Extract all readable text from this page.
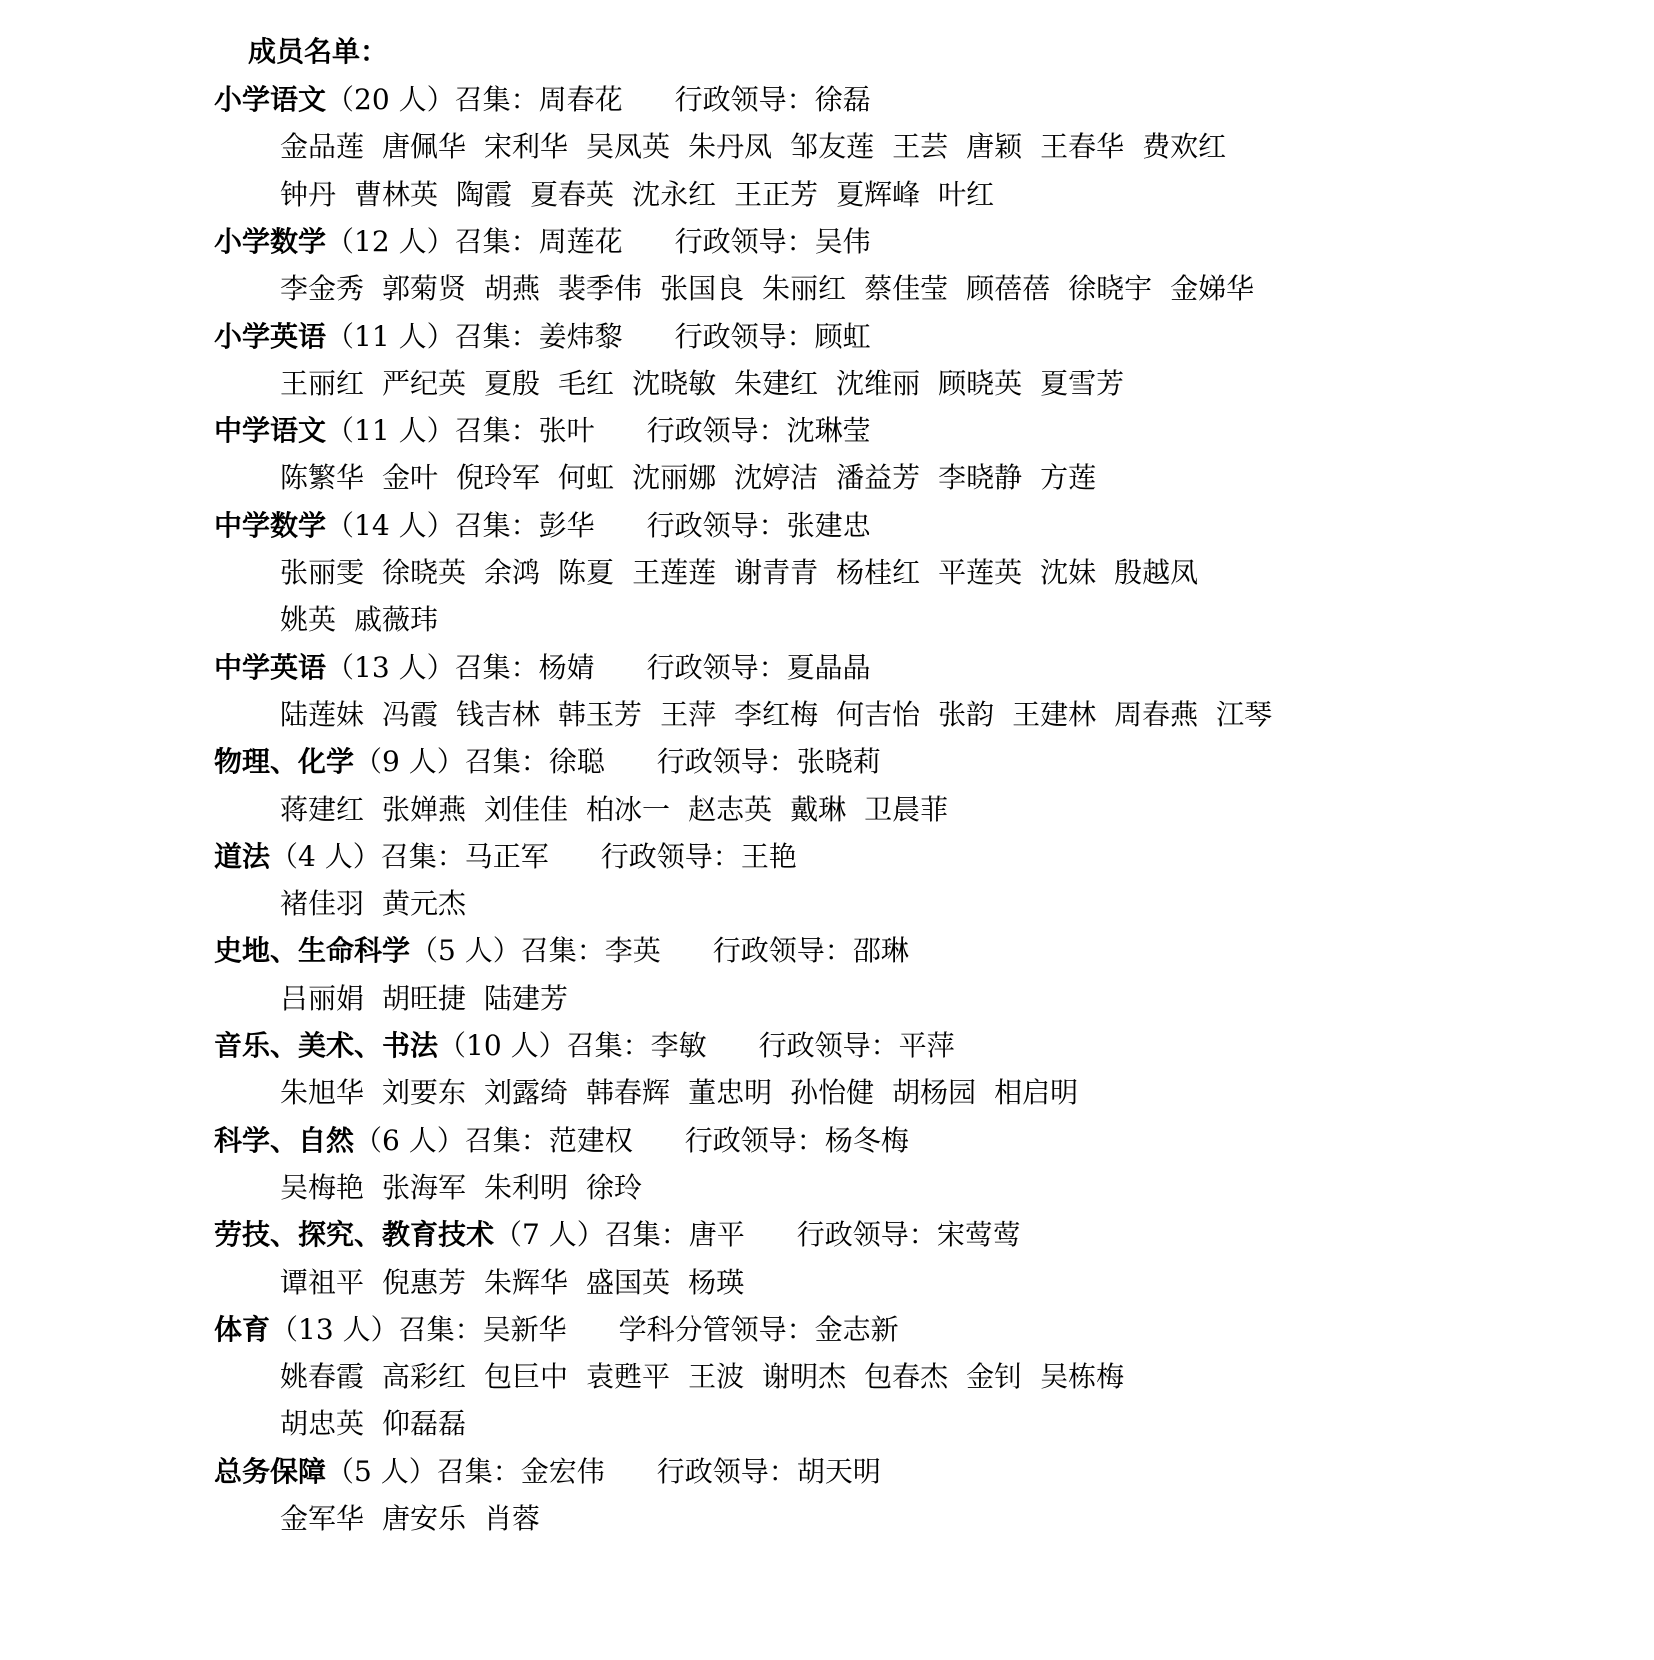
成员名单：
小学语文（20 人）召集：周春花 行政领导：徐磊
金品莲 唐佩华 宋利华 吴凤英 朱丹凤 邹友莲 王芸 唐颖 王春华 费欢红
钟丹 曹林英 陶霞 夏春英 沈永红 王正芳 夏辉峰 叶红
小学数学（12 人）召集：周莲花 行政领导：吴伟
李金秀 郭菊贤 胡燕 裴季伟 张国良 朱丽红 蔡佳莹 顾蓓蓓 徐晓宇 金娣华
小学英语（11 人）召集：姜炜黎 行政领导：顾虹
王丽红 严纪英 夏殷 毛红 沈晓敏 朱建红 沈维丽 顾晓英 夏雪芳
中学语文（11 人）召集：张叶 行政领导：沈琳莹
陈繁华 金叶 倪玲军 何虹 沈丽娜 沈婷洁 潘益芳 李晓静 方莲
中学数学（14 人）召集：彭华 行政领导：张建忠
张丽雯 徐晓英 余鸿 陈夏 王莲莲 谢青青 杨桂红 平莲英 沈妹 殷越凤
姚英 戚薇玮
中学英语（13 人）召集：杨婧 行政领导：夏晶晶
陆莲妹 冯霞 钱吉林 韩玉芳 王萍 李红梅 何吉怡 张韵 王建林 周春燕 江琴
物理、化学（9 人）召集：徐聪 行政领导：张晓莉
蒋建红 张婵燕 刘佳佳 柏冰一 赵志英 戴琳 卫晨菲
道法（4 人）召集：马正军 行政领导：王艳
褚佳羽 黄元杰
史地、生命科学（5 人）召集：李英 行政领导：邵琳
吕丽娟 胡旺捷 陆建芳
音乐、美术、书法（10 人）召集：李敏 行政领导：平萍
朱旭华 刘要东 刘露绮 韩春辉 董忠明 孙怡健 胡杨园 相启明
科学、自然（6 人）召集：范建权 行政领导：杨冬梅
吴梅艳 张海军 朱利明 徐玲
劳技、探究、教育技术（7 人）召集：唐平 行政领导：宋莺莺
谭祖平 倪惠芳 朱辉华 盛国英 杨瑛
体育（13 人）召集：吴新华 学科分管领导：金志新
姚春霞 高彩红 包巨中 袁甦平 王波 谢明杰 包春杰 金钊 吴栋梅
胡忠英 仰磊磊
总务保障（5 人）召集：金宏伟 行政领导：胡天明
金军华 唐安乐 肖蓉
